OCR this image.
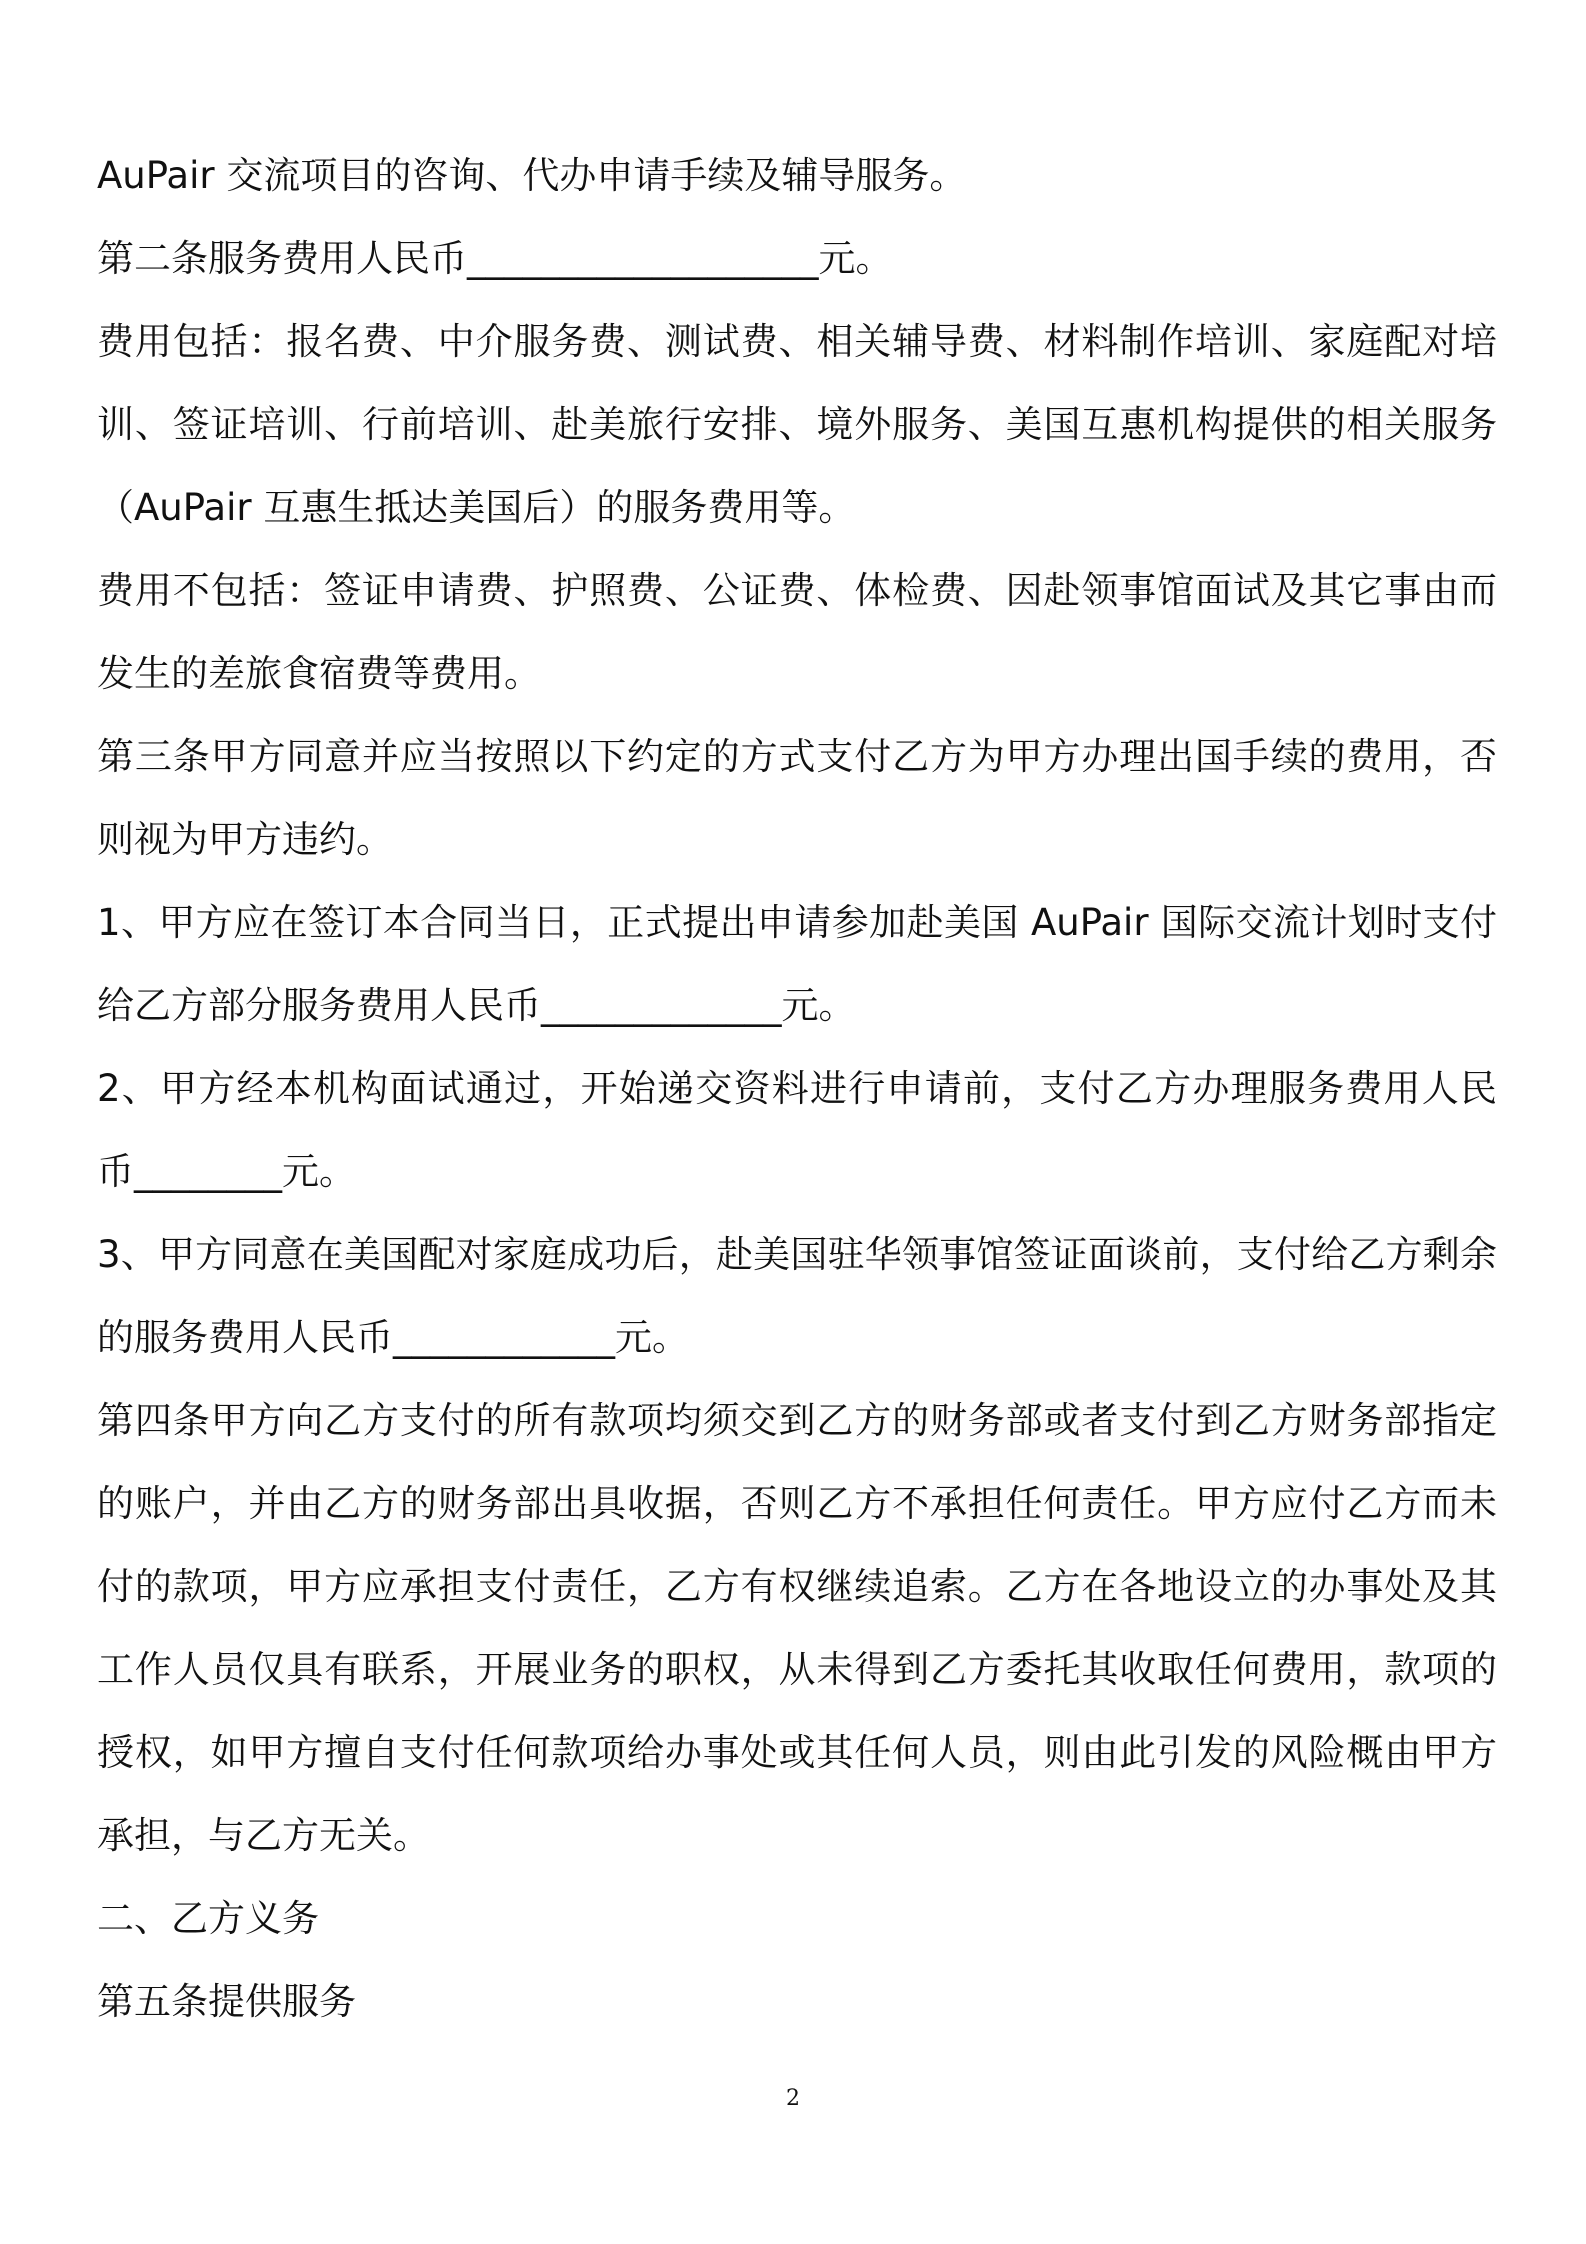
AuPair 交流项目的咨询、代办申请手续及辅导服务。
第二条服务费用人民币___________________元。
费用包括：报名费、中介服务费、测试费、相关辅导费、材料制作培训、家庭配对培
训、签证培训、行前培训、赴美旅行安排、境外服务、美国互惠机构提供的相关服务
（AuPair 互惠生抵达美国后）的服务费用等。
费用不包括：签证申请费、护照费、公证费、体检费、因赴领事馆面试及其它事由而
发生的差旅食宿费等费用。
第三条甲方同意并应当按照以下约定的方式支付乙方为甲方办理出国手续的费用，否
则视为甲方违约。
1、甲方应在签订本合同当日，正式提出申请参加赴美国 AuPair 国际交流计划时支付
给乙方部分服务费用人民币_____________元。
2、甲方经本机构面试通过，开始递交资料进行申请前，支付乙方办理服务费用人民
币________元。
3、甲方同意在美国配对家庭成功后，赴美国驻华领事馆签证面谈前，支付给乙方剩余
的服务费用人民币____________元。
第四条甲方向乙方支付的所有款项均须交到乙方的财务部或者支付到乙方财务部指定
的账户，并由乙方的财务部出具收据，否则乙方不承担任何责任。甲方应付乙方而未
付的款项，甲方应承担支付责任，乙方有权继续追索。乙方在各地设立的办事处及其
工作人员仅具有联系，开展业务的职权，从未得到乙方委托其收取任何费用，款项的
授权，如甲方擅自支付任何款项给办事处或其任何人员，则由此引发的风险概由甲方
承担，与乙方无关。
二、乙方义务
第五条提供服务
2
